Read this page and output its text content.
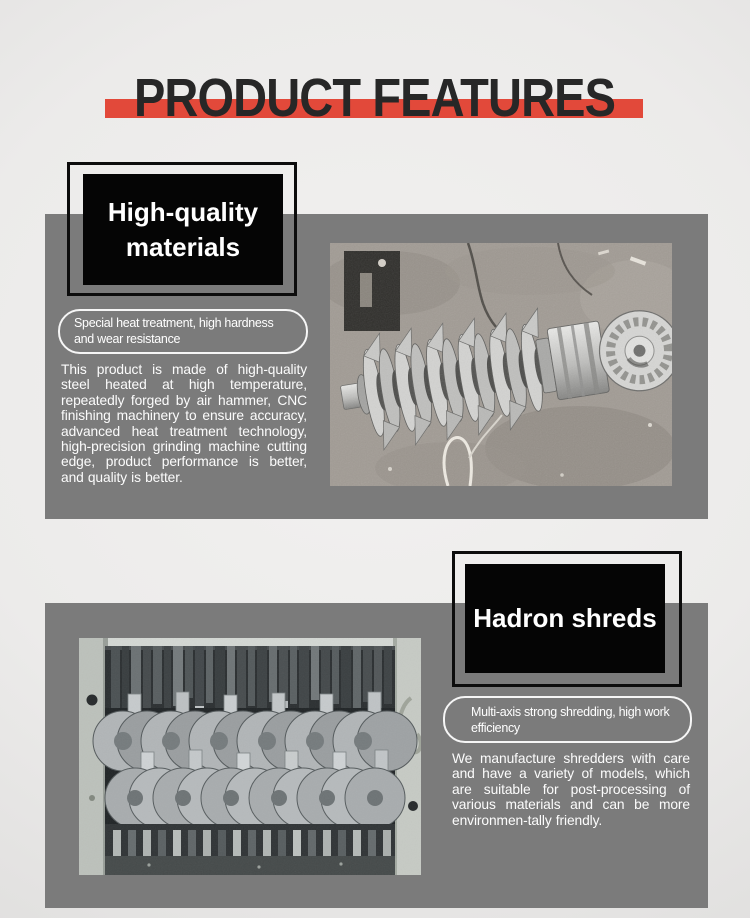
PRODUCT FEATURES
High-quality materials
Special heat treatment, high hardness and wear resistance

This product is made of high-quality steel heated at high temperature, repeatedly forged by air hammer, CNC finishing machinery to ensure accuracy, advanced heat treatment technology, high-precision grinding machine cutting edge, product performance is better, and quality is better.

Hadron shreds
Multi-axis strong shredding, high work efficiency

We manufacture shredders with care and have a variety of models, which are suitable for post-processing of various materials and can be more environmen-tally friendly.
